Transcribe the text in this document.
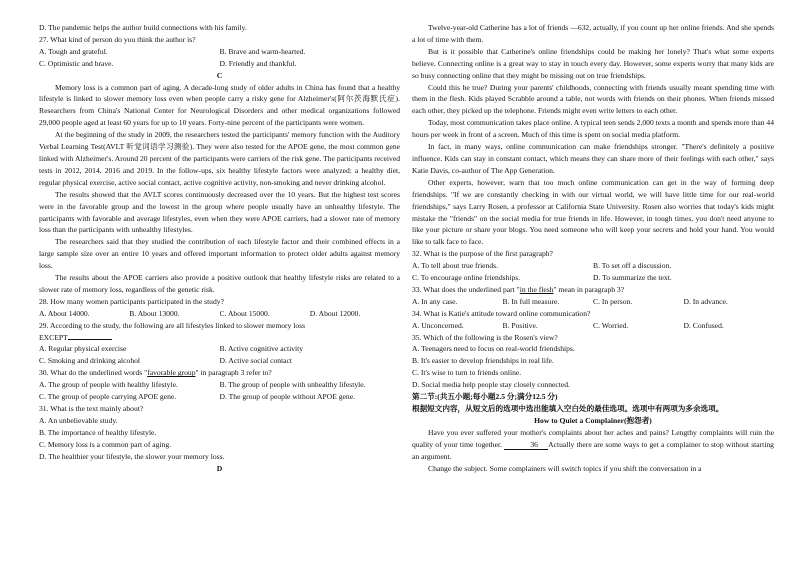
D. The pandemic helps the author build connections with his family.
27. What kind of person do you think the author is?
A. Tough and grateful.	B. Brave and warm-hearted.
C. Optimistic and brave.	D. Friendly and thankful.
C
Memory loss is a common part of aging. A decade-long study of older adults in China has found that a healthy lifestyle is linked to slower memory loss even when people carry a risky gene for Alzheimer's(阿尔茨海默氏症). Researchers from China's National Center for Neurological Disorders and other medical organizations followed 29,000 people aged at least 60 years for up to 10 years. Forty-nine percent of the participants were women.
At the beginning of the study in 2009, the researchers tested the participants' memory function with the Auditory Verbal Learning Test(AVLT 听觉词语学习测验). They were also tested for the APOE gene, the most common gene linked with Alzheimer's. Around 20 percent of the participants were carriers of the risk gene. The participants received tests in 2012, 2014, 2016 and 2019. In the follow-ups, six healthy lifestyle factors were analyzed: a healthy diet, regular physical exercise, active social contact, active cognitive activity, non-smoking and never drinking alcohol.
The results showed that the AVLT scores continuously decreased over the 10 years. But the highest test scores were in the favorable group and the lowest in the group where people usually have an unhealthy lifestyle. The participants with favorable and average lifestyles, even when they were APOE carriers, had a slower rate of memory loss than the participants with unhealthy lifestyles.
The researchers said that they studied the contribution of each lifestyle factor and their combined effects in a large sample size over an entire 10 years and offered important information to protect older adults against memory loss.
The results about the APOE carriers also provide a positive outlook that healthy lifestyle risks are related to a slower rate of memory loss, regardless of the genetic risk.
28. How many women participants participated in the study?
A. About 14000.	B. About 13000.	C. About 15000.	D. About 12000.
29. According to the study, the following are all lifestyles linked to slower memory loss
EXCEPT
A. Regular physical exercise	B. Active cognitive activity
C. Smoking and drinking alcohol	D. Active social contact
30. What do the underlined words "favorable group" in paragraph 3 refer to?
A. The group of people with healthy lifestyle.	B. The group of people with unhealthy lifestyle.
C. The group of people carrying APOE gene.	D. The group of people without APOE gene.
31. What is the text mainly about?
A. An unbelievable study.
B. The importance of healthy lifestyle.
C. Memory loss is a common part of aging.
D. The healthier your lifestyle, the slower your memory loss.
D
Twelve-year-old Catherine has a lot of friends —632, actually, if you count up her online friends. And she spends a lot of time with them.
But is it possible that Catherine's online friendships could be making her lonely? That's what some experts believe. Connecting online is a great way to stay in touch every day. However, some experts worry that many kids are so busy connecting online that they might be missing out on true friendships.
Could this be true? During your parents' childhoods, connecting with friends usually meant spending time with them in the flesh. Kids played Scrabble around a table, not words with friends on their phones. When friends missed each other, they picked up the telephone. Friends might even write letters to each other.
Today, most communication takes place online. A typical teen sends 2,000 texts a month and spends more than 44 hours per week in front of a screen. Much of this time is spent on social media platform.
In fact, in many ways, online communication can make friendships stronger. "There's definitely a positive influence. Kids can stay in constant contact, which means they can share more of their feelings with each other," says Katie Davis, co-author of The App Generation.
Other experts, however, warn that too much online communication can get in the way of forming deep friendships. "If we are constantly checking in with our virtual world, we will have little time for our real-world friendships," says Larry Rosen, a professor at California State University. Rosen also worries that today's kids might mistake the "friends" on the social media for true friends in life. However, in tough times, you don't need anyone to like your picture or share your blogs. You need someone who will keep your secrets and hold your hand. You would like to talk face to face.
32. What is the purpose of the first paragraph?
A. To tell about true friends.	B. To set off a discussion.
C. To encourage online friendships.	D. To summarize the text.
33. What does the underlined part "in the flesh" mean in paragraph 3?
A. In any case.	B. In full measure.	C. In person.	D. In advance.
34. What is Katie's attitude toward online communication?
A. Unconcerned.	B. Positive.	C. Worried.	D. Confused.
35. Which of the following is the Rosen's view?
A. Teenagers need to focus on real-world friendships.
B. It's easier to develop friendships in real life.
C. It's wise to turn to friends online.
D. Social media help people stay closely connected.
第二节:(共五小题;每小题2.5 分;满分12.5 分)
根据短文内容，从短文后的选项中选出能填入空白处的最佳选项。选项中有两项为多余选项。
How to Quiet a Complainer(抱怨者)
Have you ever suffered your mother's complaints about her aches and pains? Lengthy complaints will ruin the quality of your time together.	36 Actually there are some ways to get a complainer to stop without starting an argument.
Change the subject. Some complainers will switch topics if you shift the conversation in a
